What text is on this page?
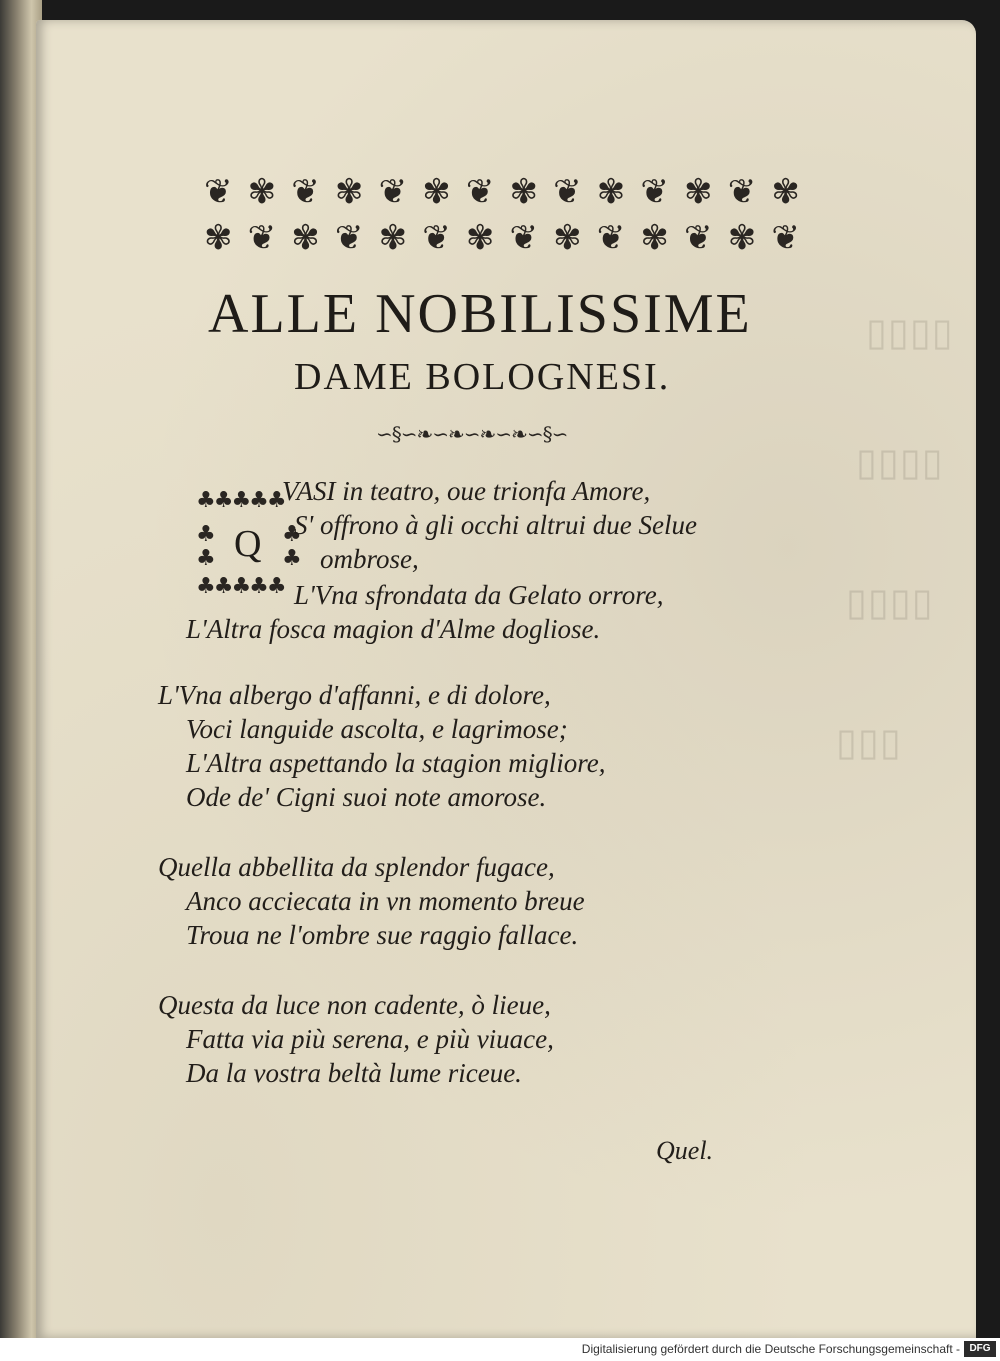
▯▯▯▯
▯▯▯▯
▯▯▯▯
▯▯▯
❦ ✾ ❦ ✾ ❦ ✾ ❦ ✾ ❦ ✾ ❦ ✾ ❦ ✾
✾ ❦ ✾ ❦ ✾ ❦ ✾ ❦ ✾ ❦ ✾ ❦ ✾ ❦
ALLE NOBILISSIME
DAME BOLOGNESI.
∽§∽❧∽❧∽❧∽❧∽§∽
♣♣♣♣♣
♣	♣
♣	♣
♣♣♣♣♣
Q
VASI in teatro, oue trionfa Amore,
S' offrono à gli occhi altrui due Selue
ombrose,
L'Vna sfrondata da Gelato orrore,
L'Altra fosca magion d'Alme dogliose.
L'Vna albergo d'affanni, e di dolore,
Voci languide ascolta, e lagrimose;
L'Altra aspettando la stagion migliore,
Ode de' Cigni suoi note amorose.
Quella abbellita da splendor fugace,
Anco acciecata in vn momento breue
Troua ne l'ombre sue raggio fallace.
Questa da luce non cadente, ò lieue,
Fatta via più serena, e più viuace,
Da la vostra beltà lume riceue.
Quel.
Digitalisierung gefördert durch die Deutsche Forschungsgemeinschaft - DFG
